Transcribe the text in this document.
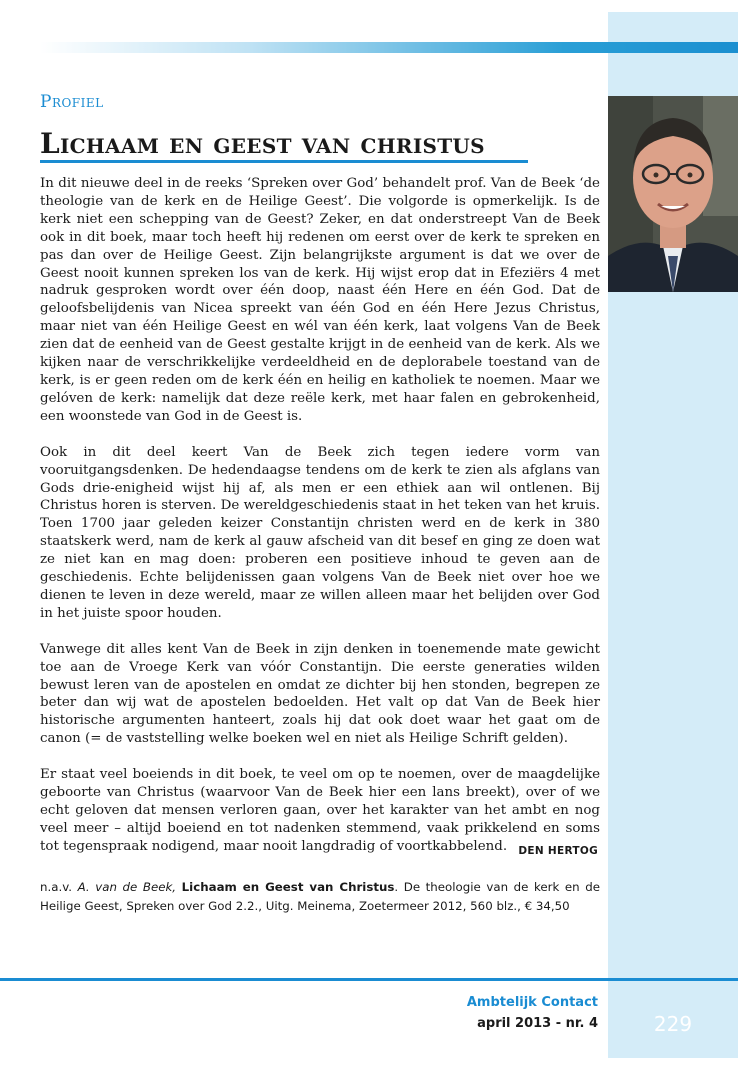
Profiel
Lichaam en geest van christus

In dit nieuwe deel in de reeks ‘Spreken over God’ behandelt prof. Van de Beek ‘de theologie van de kerk en de Heilige Geest’. Die volgorde is opmerkelijk. Is de kerk niet een schepping van de Geest? Zeker, en dat onderstreept Van de Beek ook in dit boek, maar toch heeft hij redenen om eerst over de kerk te spreken en pas dan over de Heilige Geest. Zijn belangrijkste argument is dat we over de Geest nooit kunnen spreken los van de kerk. Hij wijst erop dat in Efeziërs 4 met nadruk gesproken wordt over één doop, naast één Here en één God. Dat de geloofsbelijdenis van Nicea spreekt van één God en één Here Jezus Christus, maar niet van één Heilige Geest en wél van één kerk, laat volgens Van de Beek zien dat de eenheid van de Geest gestalte krijgt in de eenheid van de kerk. Als we kijken naar de verschrikkelijke verdeeldheid en de deplorabele toestand van de kerk, is er geen reden om de kerk één en heilig en katholiek te noemen. Maar we gelóven de kerk: namelijk dat deze reële kerk, met haar falen en gebrokenheid, een woonstede van God in de Geest is.

Ook in dit deel keert Van de Beek zich tegen iedere vorm van vooruitgangsdenken. De hedendaagse tendens om de kerk te zien als afglans van Gods drie-enigheid wijst hij af, als men er een ethiek aan wil ontlenen. Bij Christus horen is sterven. De wereldgeschiedenis staat in het teken van het kruis. Toen 1700 jaar geleden keizer Constantijn christen werd en de kerk in 380 staatskerk werd, nam de kerk al gauw afscheid van dit besef en ging ze doen wat ze niet kan en mag doen: proberen een positieve inhoud te geven aan de geschiedenis. Echte belijdenissen gaan volgens Van de Beek niet over hoe we dienen te leven in deze wereld, maar ze willen alleen maar het belijden over God in het juiste spoor houden.

Vanwege dit alles kent Van de Beek in zijn denken in toenemende mate gewicht toe aan de Vroege Kerk van vóór Constantijn. Die eerste generaties wilden bewust leren van de apostelen en omdat ze dichter bij hen stonden, begrepen ze beter dan wij wat de apostelen bedoelden. Het valt op dat Van de Beek hier historische argumenten hanteert, zoals hij dat ook doet waar het gaat om de canon (= de vaststelling welke boeken wel en niet als Heilige Schrift gelden).

Er staat veel boeiends in dit boek, te veel om op te noemen, over de maagdelijke geboorte van Christus (waarvoor Van de Beek hier een lans breekt), over of we echt geloven dat mensen verloren gaan, over het karakter van het ambt en nog veel meer – altijd boeiend en tot nadenken stemmend, vaak prikkelend en soms tot tegenspraak nodigend, maar nooit langdradig of voortkabbelend.	DEN HERTOG
n.a.v. A. van de Beek, Lichaam en Geest van Christus. De theologie van de kerk en de Heilige Geest, Spreken over God 2.2., Uitg. Meinema, Zoetermeer 2012, 560 blz., € 34,50
Ambtelijk Contact
april 2013 - nr. 4	229
